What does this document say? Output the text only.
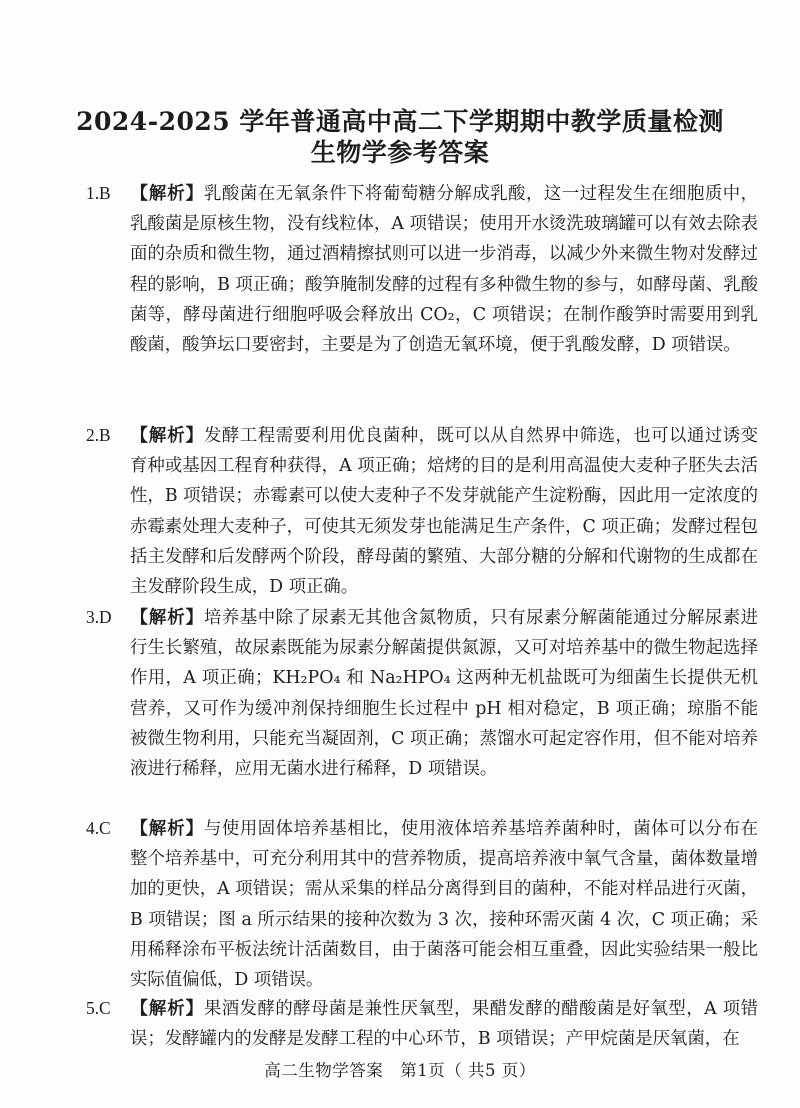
2024-2025 学年普通高中高二下学期期中教学质量检测
生物学参考答案
1.B 【解析】乳酸菌在无氧条件下将葡萄糖分解成乳酸，这一过程发生在细胞质中，乳酸菌是原核生物，没有线粒体，A 项错误；使用开水烫洗玻璃罐可以有效去除表面的杂质和微生物，通过酒精擦拭则可以进一步消毒，以减少外来微生物对发酵过程的影响，B 项正确；酸笋腌制发酵的过程有多种微生物的参与，如酵母菌、乳酸菌等，酵母菌进行细胞呼吸会释放出 CO₂，C 项错误；在制作酸笋时需要用到乳酸菌，酸笋坛口要密封，主要是为了创造无氧环境，便于乳酸发酵，D 项错误。
2.B 【解析】发酵工程需要利用优良菌种，既可以从自然界中筛选，也可以通过诱变育种或基因工程育种获得，A 项正确；焙烤的目的是利用高温使大麦种子胚失去活性，B 项错误；赤霉素可以使大麦种子不发芽就能产生淀粉酶，因此用一定浓度的赤霉素处理大麦种子，可使其无须发芽也能满足生产条件，C 项正确；发酵过程包括主发酵和后发酵两个阶段，酵母菌的繁殖、大部分糖的分解和代谢物的生成都在主发酵阶段生成，D 项正确。
3.D 【解析】培养基中除了尿素无其他含氮物质，只有尿素分解菌能通过分解尿素进行生长繁殖，故尿素既能为尿素分解菌提供氮源，又可对培养基中的微生物起选择作用，A 项正确；KH₂PO₄ 和 Na₂HPO₄ 这两种无机盐既可为细菌生长提供无机营养，又可作为缓冲剂保持细胞生长过程中 pH 相对稳定，B 项正确；琼脂不能被微生物利用，只能充当凝固剂，C 项正确；蒸馏水可起定容作用，但不能对培养液进行稀释，应用无菌水进行稀释，D 项错误。
4.C 【解析】与使用固体培养基相比，使用液体培养基培养菌种时，菌体可以分布在整个培养基中，可充分利用其中的营养物质，提高培养液中氧气含量，菌体数量增加的更快，A 项错误；需从采集的样品分离得到目的菌种，不能对样品进行灭菌，B 项错误；图 a 所示结果的接种次数为 3 次，接种环需灭菌 4 次，C 项正确；采用稀释涂布平板法统计活菌数目，由于菌落可能会相互重叠，因此实验结果一般比实际值偏低，D 项错误。
5.C 【解析】果酒发酵的酵母菌是兼性厌氧型，果醋发酵的醋酸菌是好氧型，A 项错误；发酵罐内的发酵是发酵工程的中心环节，B 项错误；产甲烷菌是厌氧菌，在
高二生物学答案　第1页（ 共5 页）
